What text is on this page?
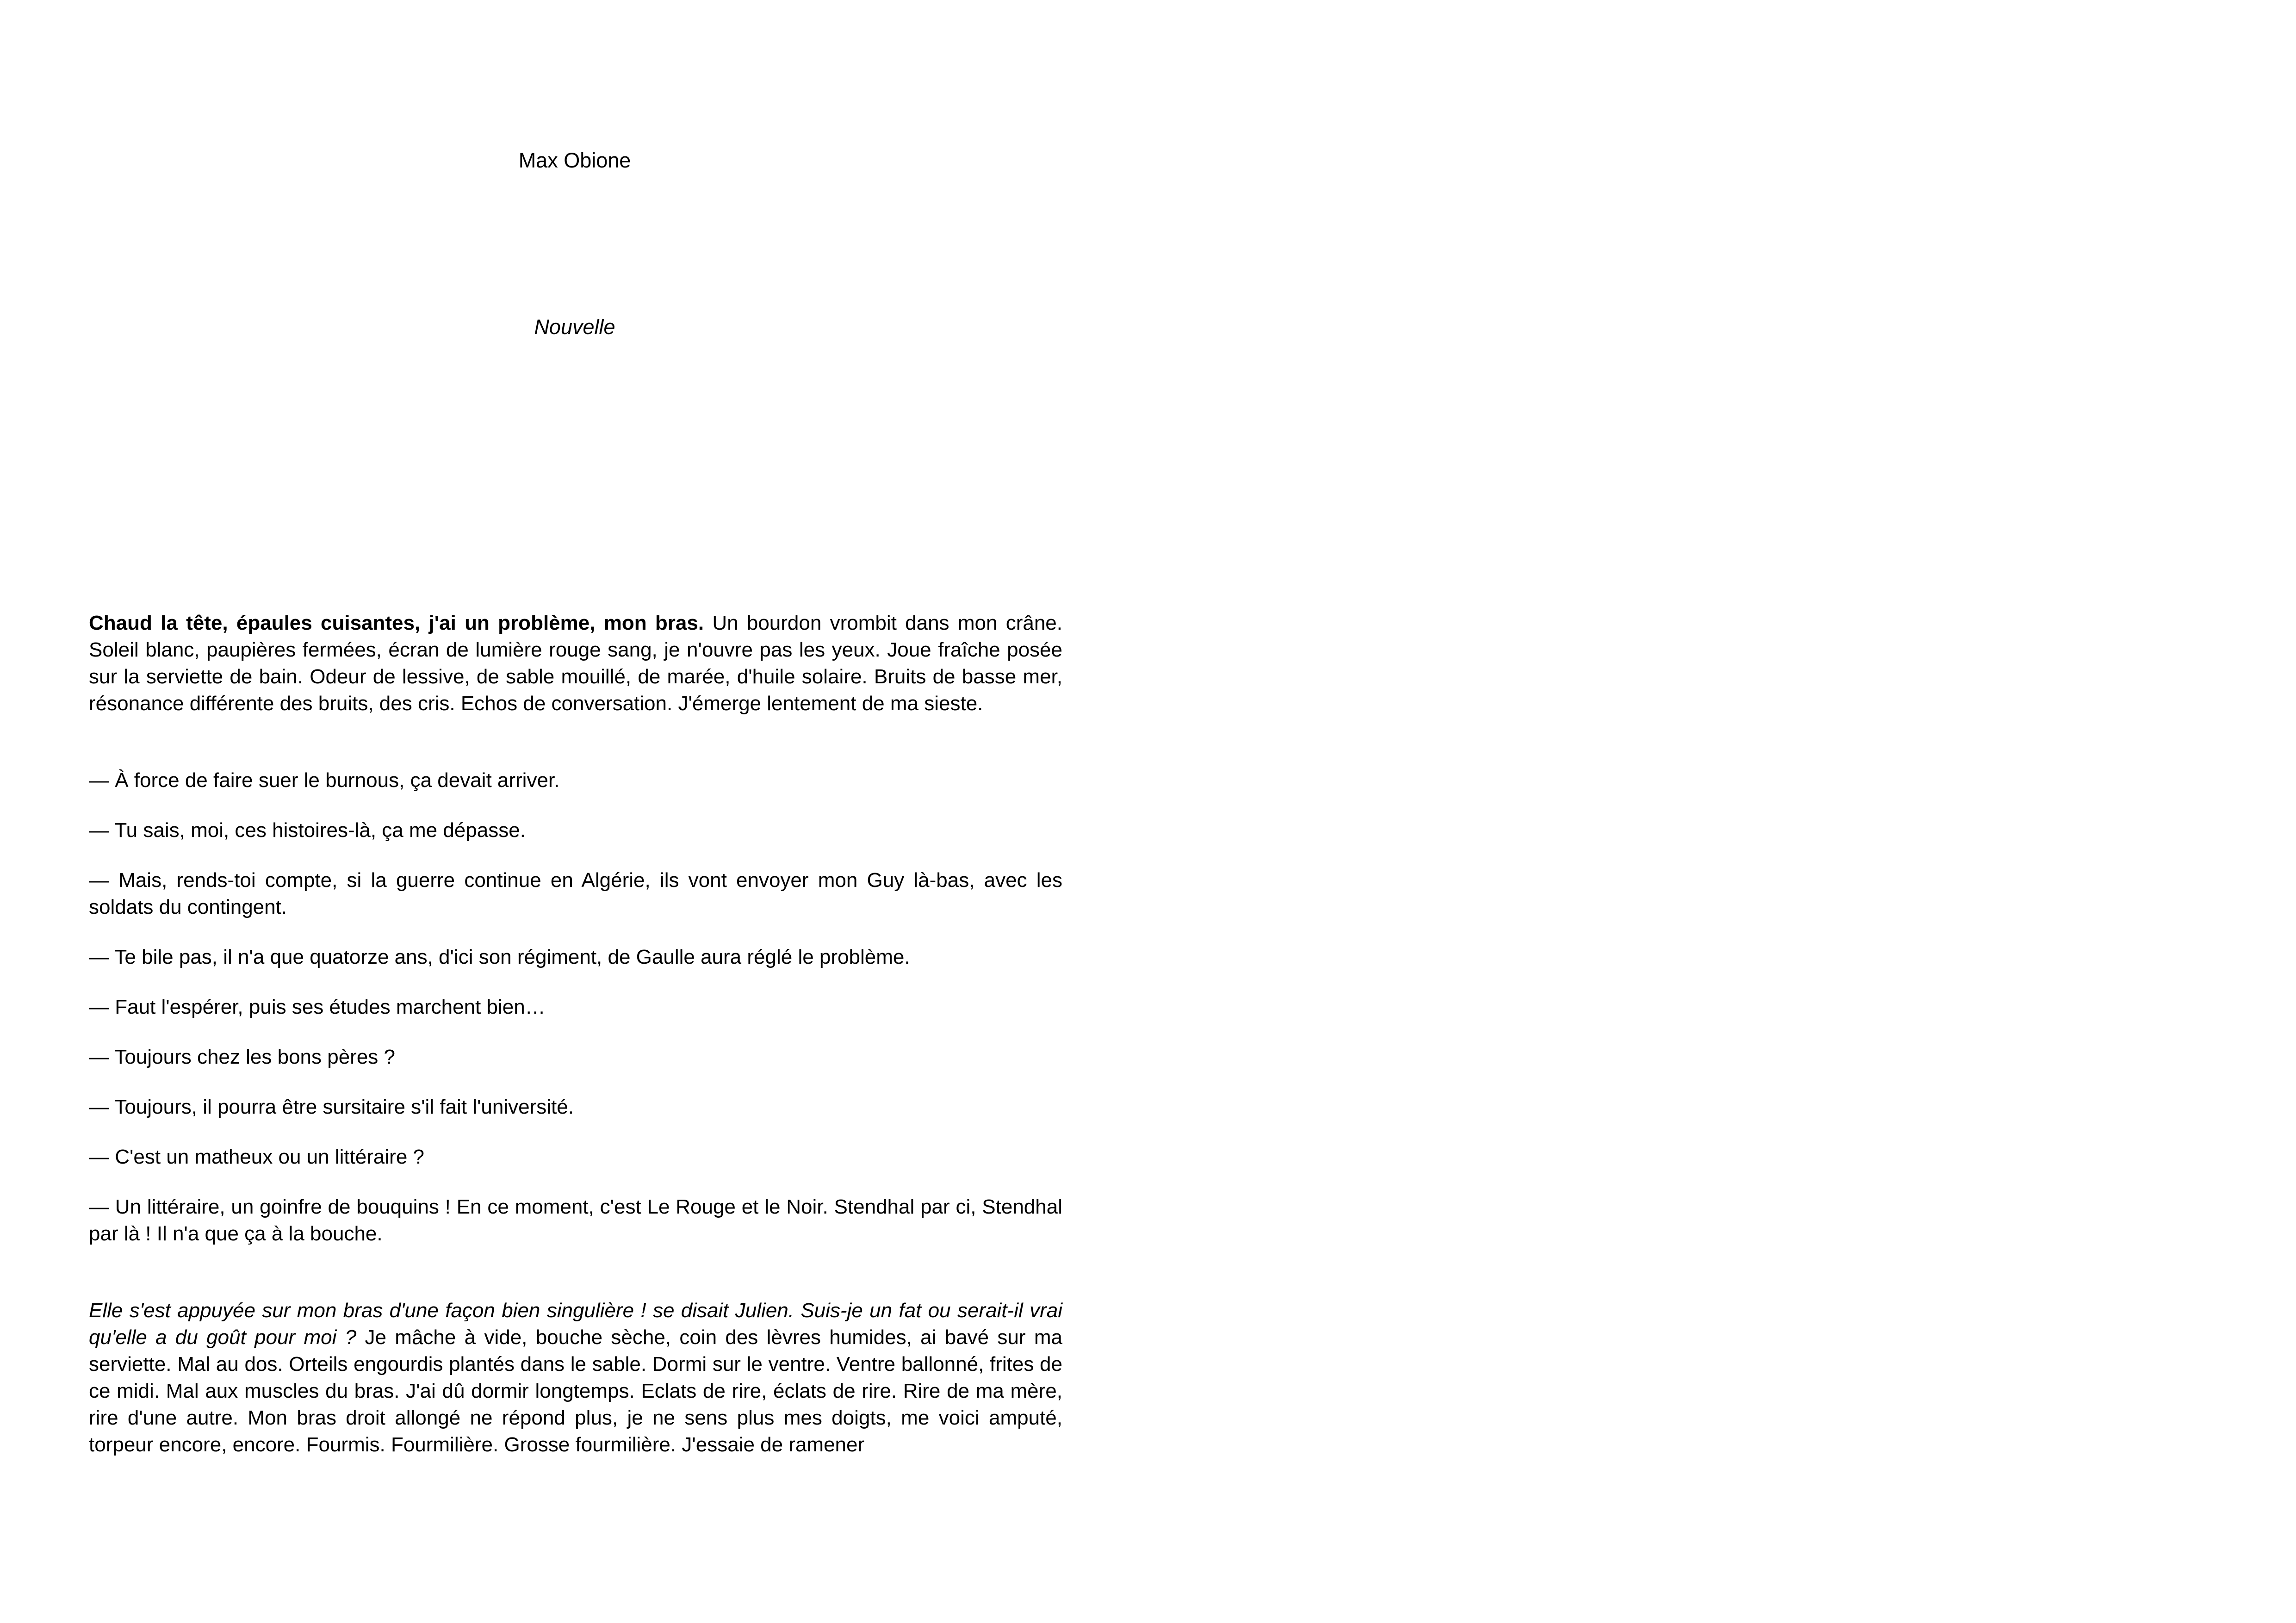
Max Obione

Nouvelle

Chaud la tête, épaules cuisantes, j'ai un problème, mon bras. Un bourdon vrombit dans mon crâne. Soleil blanc, paupières fermées, écran de lumière rouge sang, je n'ouvre pas les yeux. Joue fraîche posée sur la serviette de bain. Odeur de lessive, de sable mouillé, de marée, d'huile solaire. Bruits de basse mer, résonance différente des bruits, des cris. Echos de conversation. J'émerge lentement de ma sieste.

— À force de faire suer le burnous, ça devait arriver.

— Tu sais, moi, ces histoires-là, ça me dépasse.

— Mais, rends-toi compte, si la guerre continue en Algérie, ils vont envoyer mon Guy là-bas, avec les soldats du contingent.

— Te bile pas, il n'a que quatorze ans, d'ici son régiment, de Gaulle aura réglé le problème.

— Faut l'espérer, puis ses études marchent bien…

— Toujours chez les bons pères ?

— Toujours, il pourra être sursitaire s'il fait l'université.

— C'est un matheux ou un littéraire ?

— Un littéraire, un goinfre de bouquins ! En ce moment, c'est Le Rouge et le Noir. Stendhal par ci, Stendhal par là ! Il n'a que ça à la bouche.

Elle s'est appuyée sur mon bras d'une façon bien singulière ! se disait Julien. Suis-je un fat ou serait-il vrai qu'elle a du goût pour moi ? Je mâche à vide, bouche sèche, coin des lèvres humides, ai bavé sur ma serviette. Mal au dos. Orteils engourdis plantés dans le sable. Dormi sur le ventre. Ventre ballonné, frites de ce midi. Mal aux muscles du bras. J'ai dû dormir longtemps. Eclats de rire, éclats de rire. Rire de ma mère, rire d'une autre. Mon bras droit allongé ne répond plus, je ne sens plus mes doigts, me voici amputé, torpeur encore, encore. Fourmis. Fourmilière. Grosse fourmilière. J'essaie de ramener
